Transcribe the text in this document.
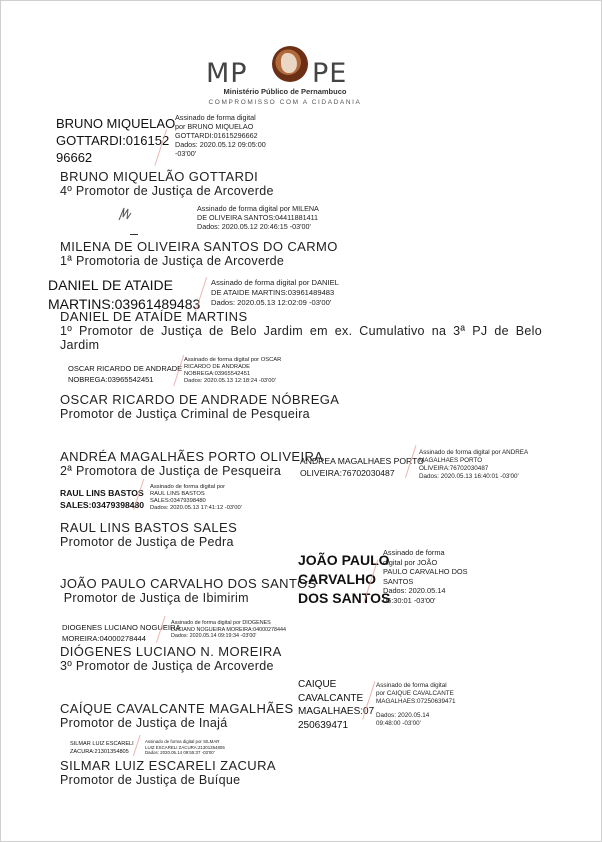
MP PE
Ministério Público de Pernambuco
COMPROMISSO COM A CIDADANIA
BRUNO MIQUELAO
GOTTARDI:016152
96662
Assinado de forma digital
por BRUNO MIQUELAO
GOTTARDI:01615296662
Dados: 2020.05.12 09:05:00
-03'00'
BRUNO MIQUELÃO GOTTARDI
4º Promotor de Justiça de Arcoverde
Assinado de forma digital por MILENA
DE OLIVEIRA SANTOS:04411881411
Dados: 2020.05.12 20:46:15 -03'00'
MILENA DE OLIVEIRA SANTOS DO CARMO
1ª Promotoria de Justiça de Arcoverde
DANIEL DE ATAIDE
MARTINS:03961489483
Assinado de forma digital por DANIEL
DE ATAIDE MARTINS:03961489483
Dados: 2020.05.13 12:02:09 -03'00'
DANIEL DE ATAÍDE MARTINS
1º Promotor de Justiça de Belo Jardim em ex. Cumulativo na 3ª PJ de Belo
Jardim
OSCAR RICARDO DE ANDRADE
NOBREGA:03965542451
Assinado de forma digital por OSCAR
RICARDO DE ANDRADE
NOBREGA:03965542451
Dados: 2020.05.13 12:18:24 -03'00'
OSCAR RICARDO DE ANDRADE NÓBREGA
Promotor de Justiça Criminal de Pesqueira
ANDRÉA MAGALHÃES PORTO OLIVEIRA
2ª Promotora de Justiça de Pesqueira
ANDREA MAGALHAES PORTO
OLIVEIRA:76702030487
Assinado de forma digital por ANDREA
MAGALHAES PORTO
OLIVEIRA:76702030487
Dados: 2020.05.13 16:40:01 -03'00'
RAUL LINS BASTOS
SALES:03479398480
Assinado de forma digital por
RAUL LINS BASTOS
SALES:03479398480
Dados: 2020.05.13 17:41:12 -03'00'
RAUL LINS BASTOS SALES
Promotor de Justiça de Pedra
JOÃO PAULO
CARVALHO
DOS SANTOS
Assinado de forma
digital por JOÃO
PAULO CARVALHO DOS
SANTOS
Dados: 2020.05.14
06:30:01 -03'00'
JOÃO PAULO CARVALHO DOS SANTOS
Promotor de Justiça de Ibimirim
DIOGENES LUCIANO NOGUEIRA
MOREIRA:04000278444
Assinado de forma digital por DIOGENES
LUCIANO NOGUEIRA MOREIRA:04000278444
Dados: 2020.05.14 09:19:34 -03'00'
DIÓGENES LUCIANO N. MOREIRA
3º Promotor de Justiça de Arcoverde
CAIQUE
CAVALCANTE
MAGALHAES:07
250639471
Assinado de forma digital
por CAIQUE CAVALCANTE
MAGALHAES:07250639471
Dados: 2020.05.14
09:48:00 -03'00'
CAÍQUE CAVALCANTE MAGALHÃES
Promotor de Justiça de Inajá
SILMAR LUIZ ESCARELI
ZACURA:21301354805
Assinado de forma digital por SILMAR
LUIZ ESCARELI ZACURA:21301354805
Dados: 2020.05.14 09:55:37 -03'00'
SILMAR LUIZ ESCARELI ZACURA
Promotor de Justiça de Buíque
